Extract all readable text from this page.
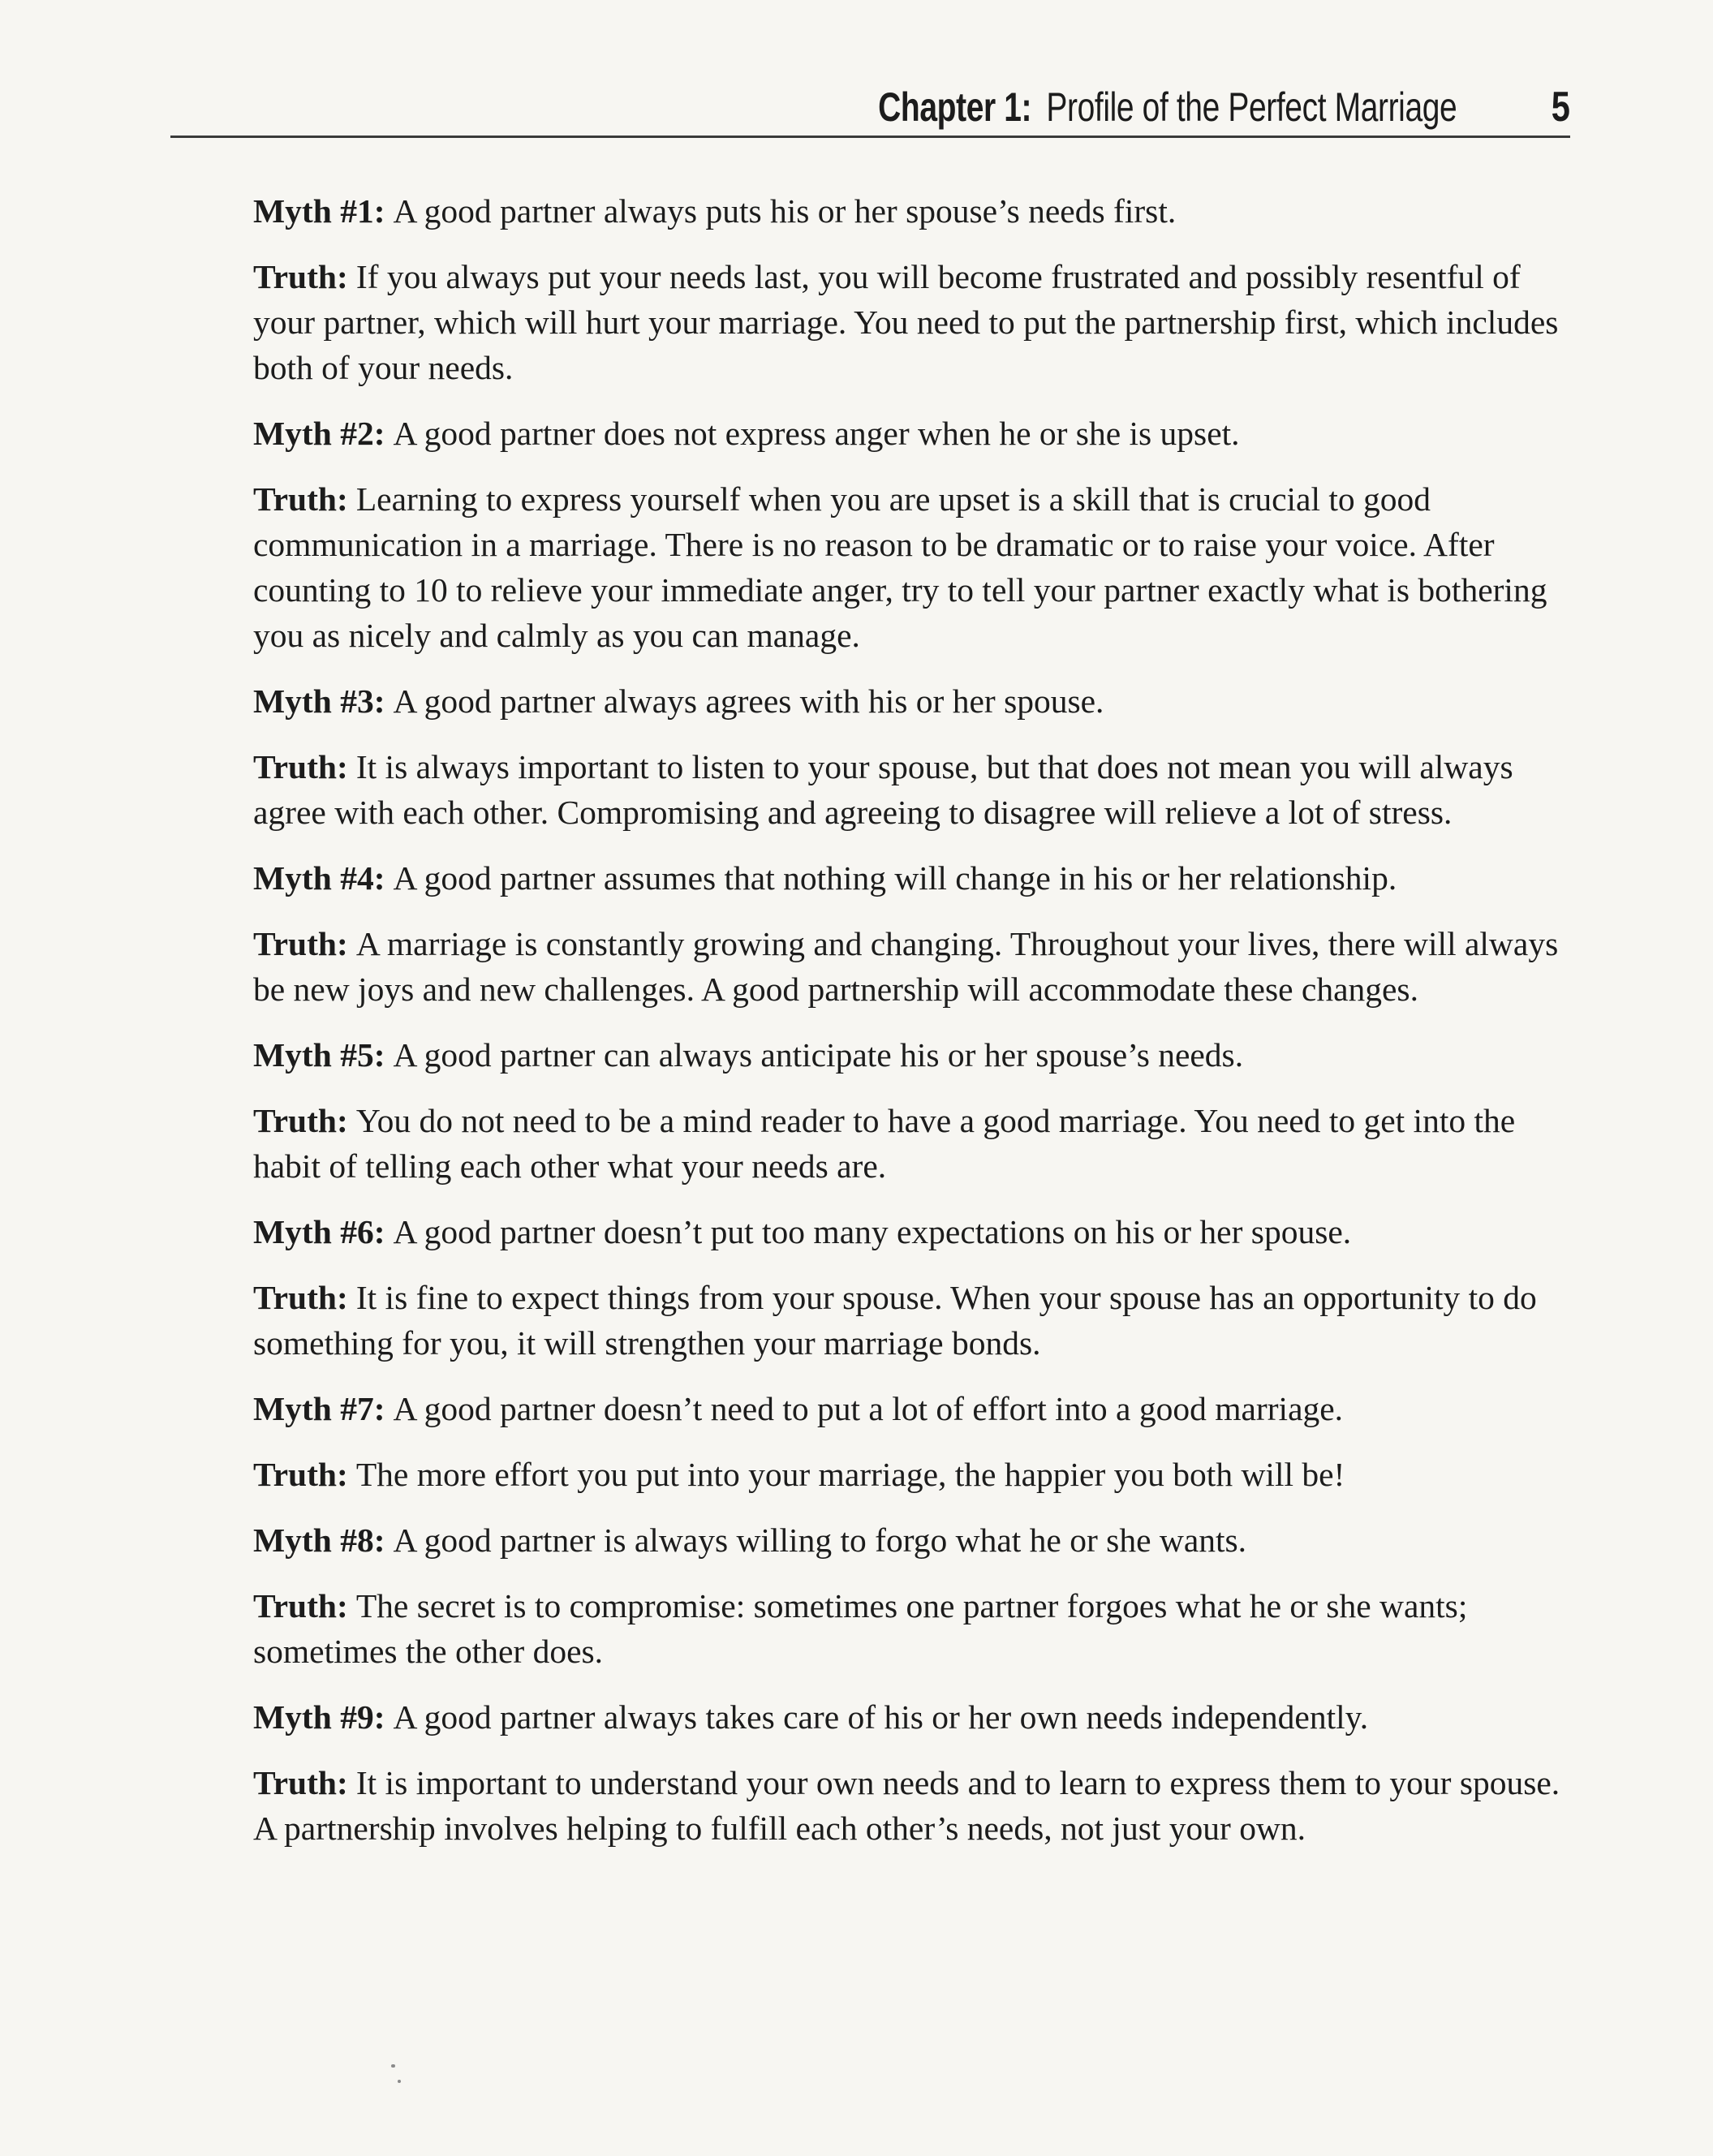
Chapter 1: Profile of the Perfect Marriage 5

Myth #1: A good partner always puts his or her spouse’s needs first.

Truth: If you always put your needs last, you will become frustrated and possibly resentful of your partner, which will hurt your marriage. You need to put the partnership first, which includes both of your needs.

Myth #2: A good partner does not express anger when he or she is upset.

Truth: Learning to express yourself when you are upset is a skill that is crucial to good communication in a marriage. There is no reason to be dramatic or to raise your voice. After counting to 10 to relieve your immediate anger, try to tell your partner exactly what is bothering you as nicely and calmly as you can manage.

Myth #3: A good partner always agrees with his or her spouse.

Truth: It is always important to listen to your spouse, but that does not mean you will always agree with each other. Compromising and agreeing to disagree will relieve a lot of stress.

Myth #4: A good partner assumes that nothing will change in his or her relationship.

Truth: A marriage is constantly growing and changing. Throughout your lives, there will always be new joys and new challenges. A good partnership will accommodate these changes.

Myth #5: A good partner can always anticipate his or her spouse’s needs.

Truth: You do not need to be a mind reader to have a good marriage. You need to get into the habit of telling each other what your needs are.

Myth #6: A good partner doesn’t put too many expectations on his or her spouse.

Truth: It is fine to expect things from your spouse. When your spouse has an opportunity to do something for you, it will strengthen your marriage bonds.

Myth #7: A good partner doesn’t need to put a lot of effort into a good marriage.

Truth: The more effort you put into your marriage, the happier you both will be!

Myth #8: A good partner is always willing to forgo what he or she wants.

Truth: The secret is to compromise: sometimes one partner forgoes what he or she wants; sometimes the other does.

Myth #9: A good partner always takes care of his or her own needs independently.

Truth: It is important to understand your own needs and to learn to express them to your spouse. A partnership involves helping to fulfill each other’s needs, not just your own.
